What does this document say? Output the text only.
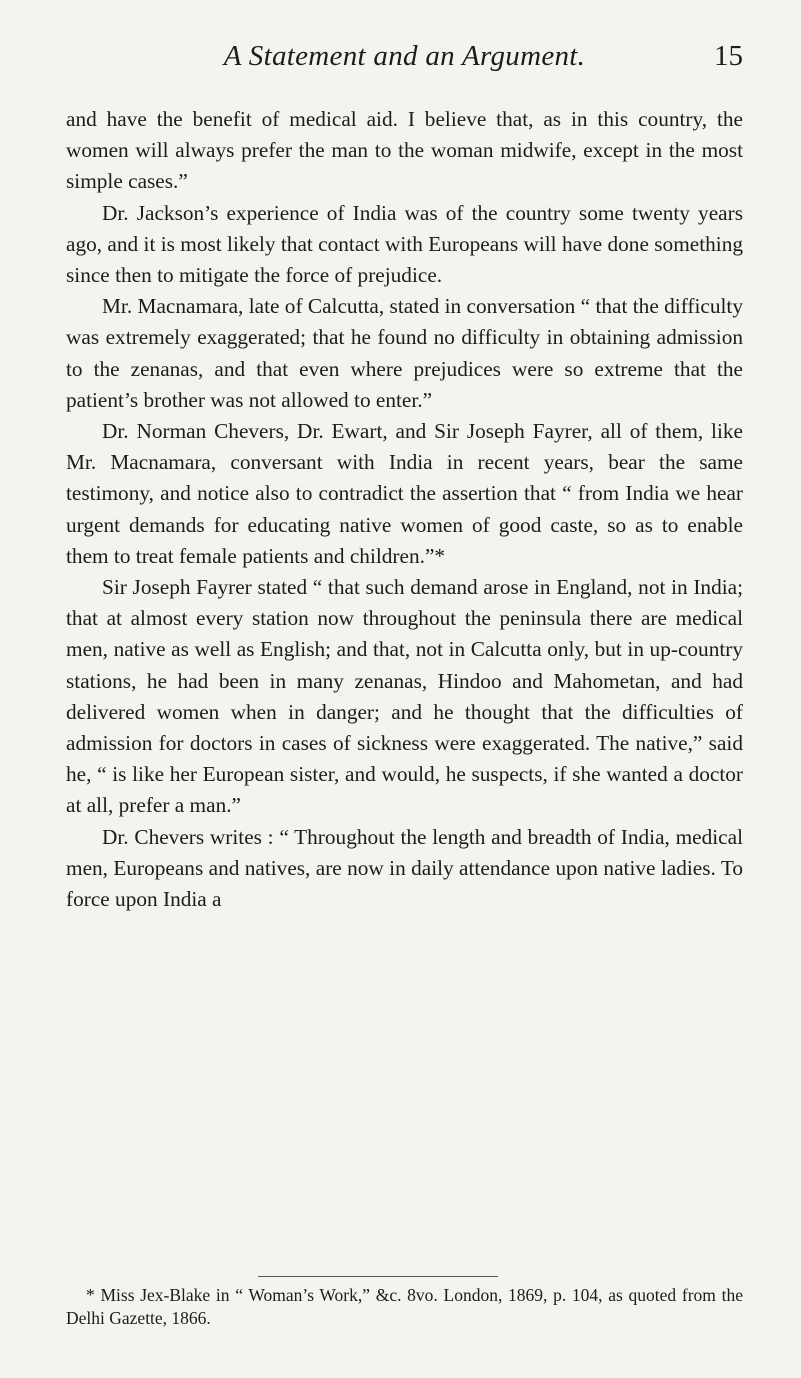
A Statement and an Argument.	15

and have the benefit of medical aid. I believe that, as in this country, the women will always prefer the man to the woman midwife, except in the most simple cases.”

Dr. Jackson’s experience of India was of the country some twenty years ago, and it is most likely that contact with Europeans will have done something since then to mitigate the force of prejudice.

Mr. Macnamara, late of Calcutta, stated in conversation “ that the difficulty was extremely exaggerated; that he found no difficulty in obtaining admission to the zenanas, and that even where prejudices were so extreme that the patient’s brother was not allowed to enter.”

Dr. Norman Chevers, Dr. Ewart, and Sir Joseph Fayrer, all of them, like Mr. Macnamara, conversant with India in recent years, bear the same testimony, and notice also to contradict the assertion that “ from India we hear urgent demands for educating native women of good caste, so as to enable them to treat female patients and children.”*

Sir Joseph Fayrer stated “ that such demand arose in England, not in India; that at almost every station now throughout the peninsula there are medical men, native as well as English; and that, not in Calcutta only, but in up-country stations, he had been in many zenanas, Hindoo and Mahometan, and had delivered women when in danger; and he thought that the difficulties of admission for doctors in cases of sickness were exaggerated. The native,” said he, “ is like her European sister, and would, he suspects, if she wanted a doctor at all, prefer a man.”

Dr. Chevers writes : “ Throughout the length and breadth of India, medical men, Europeans and natives, are now in daily attendance upon native ladies. To force upon India a

* Miss Jex-Blake in “ Woman’s Work,” &c. 8vo. London, 1869, p. 104, as quoted from the Delhi Gazette, 1866.
